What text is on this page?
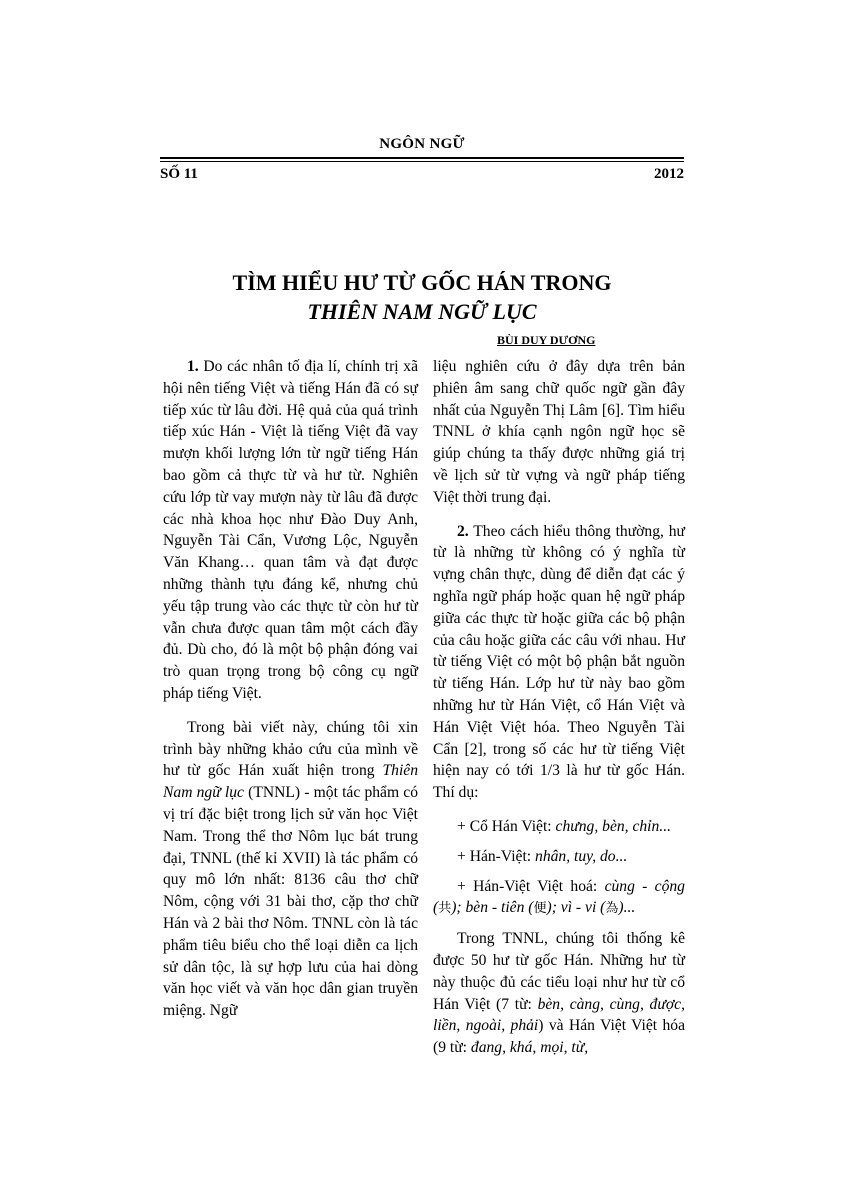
NGÔN NGỮ
SỐ 11	2012
TÌM HIỂU HƯ TỪ GỐC HÁN TRONG
THIÊN NAM NGỮ LỤC
BÙI DUY DƯƠNG

1. Do các nhân tố địa lí, chính trị xã hội nên tiếng Việt và tiếng Hán đã có sự tiếp xúc từ lâu đời. Hệ quả của quá trình tiếp xúc Hán - Việt là tiếng Việt đã vay mượn khối lượng lớn từ ngữ tiếng Hán bao gồm cả thực từ và hư từ. Nghiên cứu lớp từ vay mượn này từ lâu đã được các nhà khoa học như Đào Duy Anh, Nguyễn Tài Cẩn, Vương Lộc, Nguyễn Văn Khang… quan tâm và đạt được những thành tựu đáng kể, nhưng chủ yếu tập trung vào các thực từ còn hư từ vẫn chưa được quan tâm một cách đầy đủ. Dù cho, đó là một bộ phận đóng vai trò quan trọng trong bộ công cụ ngữ pháp tiếng Việt.

Trong bài viết này, chúng tôi xin trình bày những khảo cứu của mình về hư từ gốc Hán xuất hiện trong Thiên Nam ngữ lục (TNNL) - một tác phẩm có vị trí đặc biệt trong lịch sử văn học Việt Nam. Trong thể thơ Nôm lục bát trung đại, TNNL (thế kỉ XVII) là tác phẩm có quy mô lớn nhất: 8136 câu thơ chữ Nôm, cộng với 31 bài thơ, cặp thơ chữ Hán và 2 bài thơ Nôm. TNNL còn là tác phẩm tiêu biểu cho thể loại diễn ca lịch sử dân tộc, là sự hợp lưu của hai dòng văn học viết và văn học dân gian truyền miệng. Ngữ

liệu nghiên cứu ở đây dựa trên bản phiên âm sang chữ quốc ngữ gần đây nhất của Nguyễn Thị Lâm [6]. Tìm hiểu TNNL ở khía cạnh ngôn ngữ học sẽ giúp chúng ta thấy được những giá trị về lịch sử từ vựng và ngữ pháp tiếng Việt thời trung đại.

2. Theo cách hiểu thông thường, hư từ là những từ không có ý nghĩa từ vựng chân thực, dùng để diễn đạt các ý nghĩa ngữ pháp hoặc quan hệ ngữ pháp giữa các thực từ hoặc giữa các bộ phận của câu hoặc giữa các câu với nhau. Hư từ tiếng Việt có một bộ phận bắt nguồn từ tiếng Hán. Lớp hư từ này bao gồm những hư từ Hán Việt, cổ Hán Việt và Hán Việt Việt hóa. Theo Nguyễn Tài Cẩn [2], trong số các hư từ tiếng Việt hiện nay có tới 1/3 là hư từ gốc Hán. Thí dụ:

+ Cổ Hán Việt: chưng, bèn, chỉn...

+ Hán-Việt: nhân, tuy, do...

+ Hán-Việt Việt hoá: cùng - cộng (共); bèn - tiên (便); vì - vi (為)...

Trong TNNL, chúng tôi thống kê được 50 hư từ gốc Hán. Những hư từ này thuộc đủ các tiểu loại như hư từ cổ Hán Việt (7 từ: bèn, càng, cùng, được, liền, ngoài, phải) và Hán Việt Việt hóa (9 từ: đang, khá, mọi, từ,
